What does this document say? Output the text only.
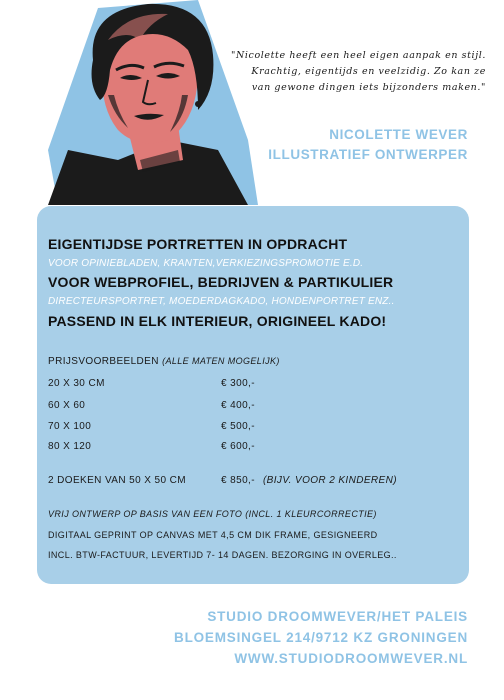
"Nicolette heeft een heel eigen aanpak en stijl.
Krachtig, eigentijds en veelzidig. Zo kan ze
van gewone dingen iets bijzonders maken."
NICOLETTE WEVER
ILLUSTRATIEF ONTWERPER
EIGENTIJDSE PORTRETTEN IN OPDRACHT
VOOR OPINIEBLADEN, KRANTEN,VERKIEZINGSPROMOTIE E.D.
VOOR WEBPROFIEL, BEDRIJVEN & PARTIKULIER
DIRECTEURSPORTRET, MOEDERDAGKADO, HONDENPORTRET ENZ..
PASSEND IN ELK INTERIEUR, ORIGINEEL KADO!
PRIJSVOORBEELDEN (ALLE MATEN MOGELIJK)
20 X 30 CM	€ 300,-
60 X 60	€ 400,-
70 X 100	€ 500,-
80 X 120	€ 600,-
2 DOEKEN VAN 50 X 50 CM	€ 850,- (BIJV. VOOR 2 KINDEREN)
VRIJ ONTWERP OP BASIS VAN EEN FOTO (INCL. 1 KLEURCORRECTIE)
DIGITAAL GEPRINT OP CANVAS MET 4,5 CM DIK FRAME, GESIGNEERD
INCL. BTW-FACTUUR, LEVERTIJD 7- 14 DAGEN. BEZORGING IN OVERLEG..
STUDIO DROOMWEVER/HET PALEIS
BLOEMSINGEL 214/9712 KZ GRONINGEN
WWW.STUDIODROOMWEVER.NL
